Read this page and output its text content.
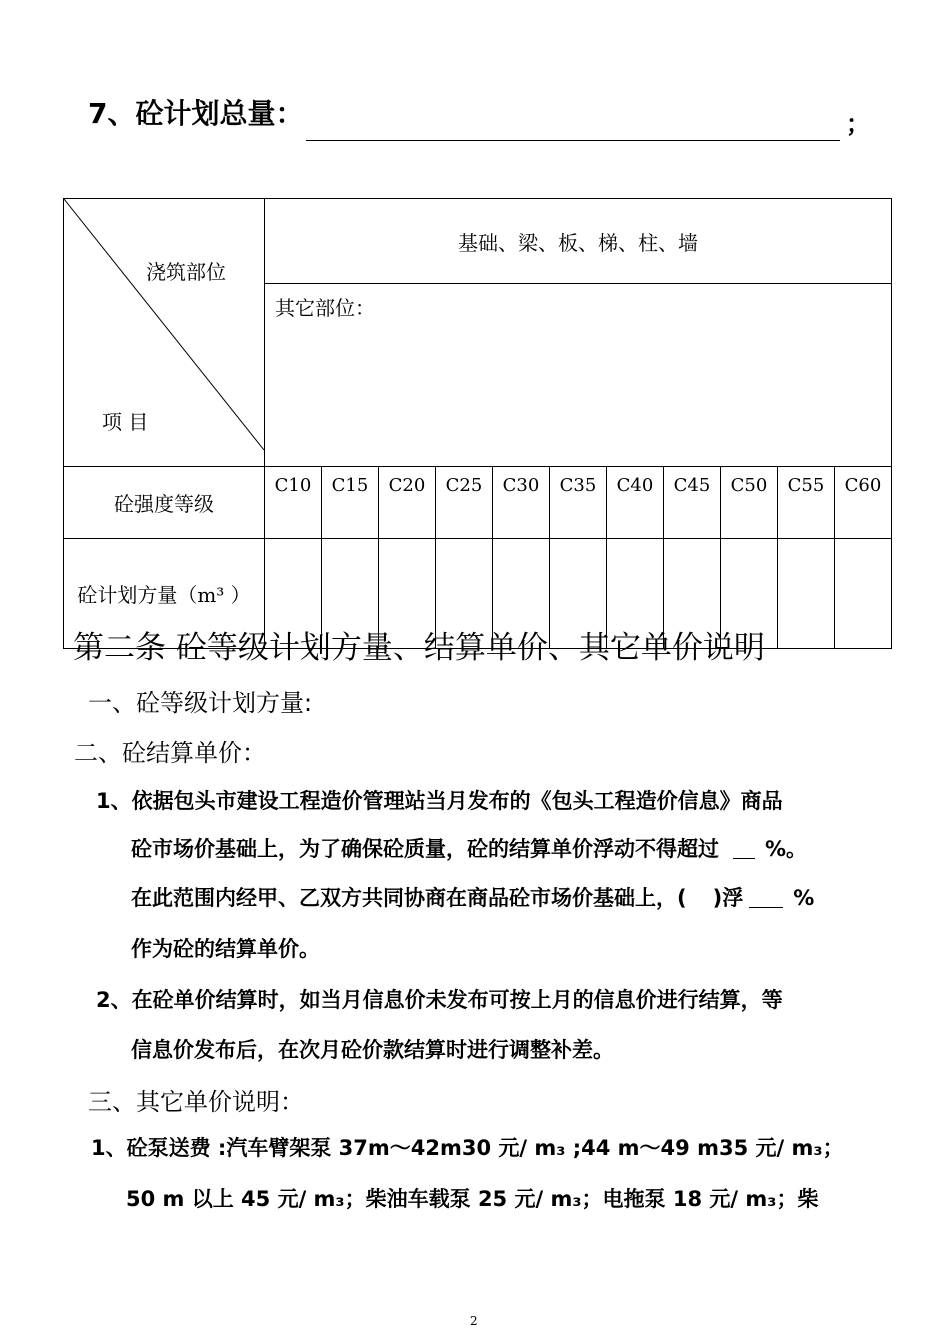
7、砼计划总量：	；
浇筑部位
项 目	基础、梁、板、梯、柱、墙										
	其它部位：										
砼强度等级	C10	C15	C20	C25	C30	C35	C40	C45	C50	C55	C60
砼计划方量（m³ ）											
第二条 砼等级计划方量、结算单价、其它单价说明
一、砼等级计划方量:
二、砼结算单价：
1、依据包头市建设工程造价管理站当月发布的《包头工程造价信息》商品
砼市场价基础上，为了确保砼质量，砼的结算单价浮动不得超过 %。
在此范围内经甲、乙双方共同协商在商品砼市场价基础上，( )浮 %
作为砼的结算单价。
2、在砼单价结算时，如当月信息价未发布可按上月的信息价进行结算，等
信息价发布后，在次月砼价款结算时进行调整补差。
三、其它单价说明：
1、砼泵送费 :汽车臂架泵 37m～42m30 元/ m₃ ;44 m～49 m35 元/ m₃；
50 m 以上 45 元/ m₃；柴油车载泵 25 元/ m₃；电拖泵 18 元/ m₃；柴
2
